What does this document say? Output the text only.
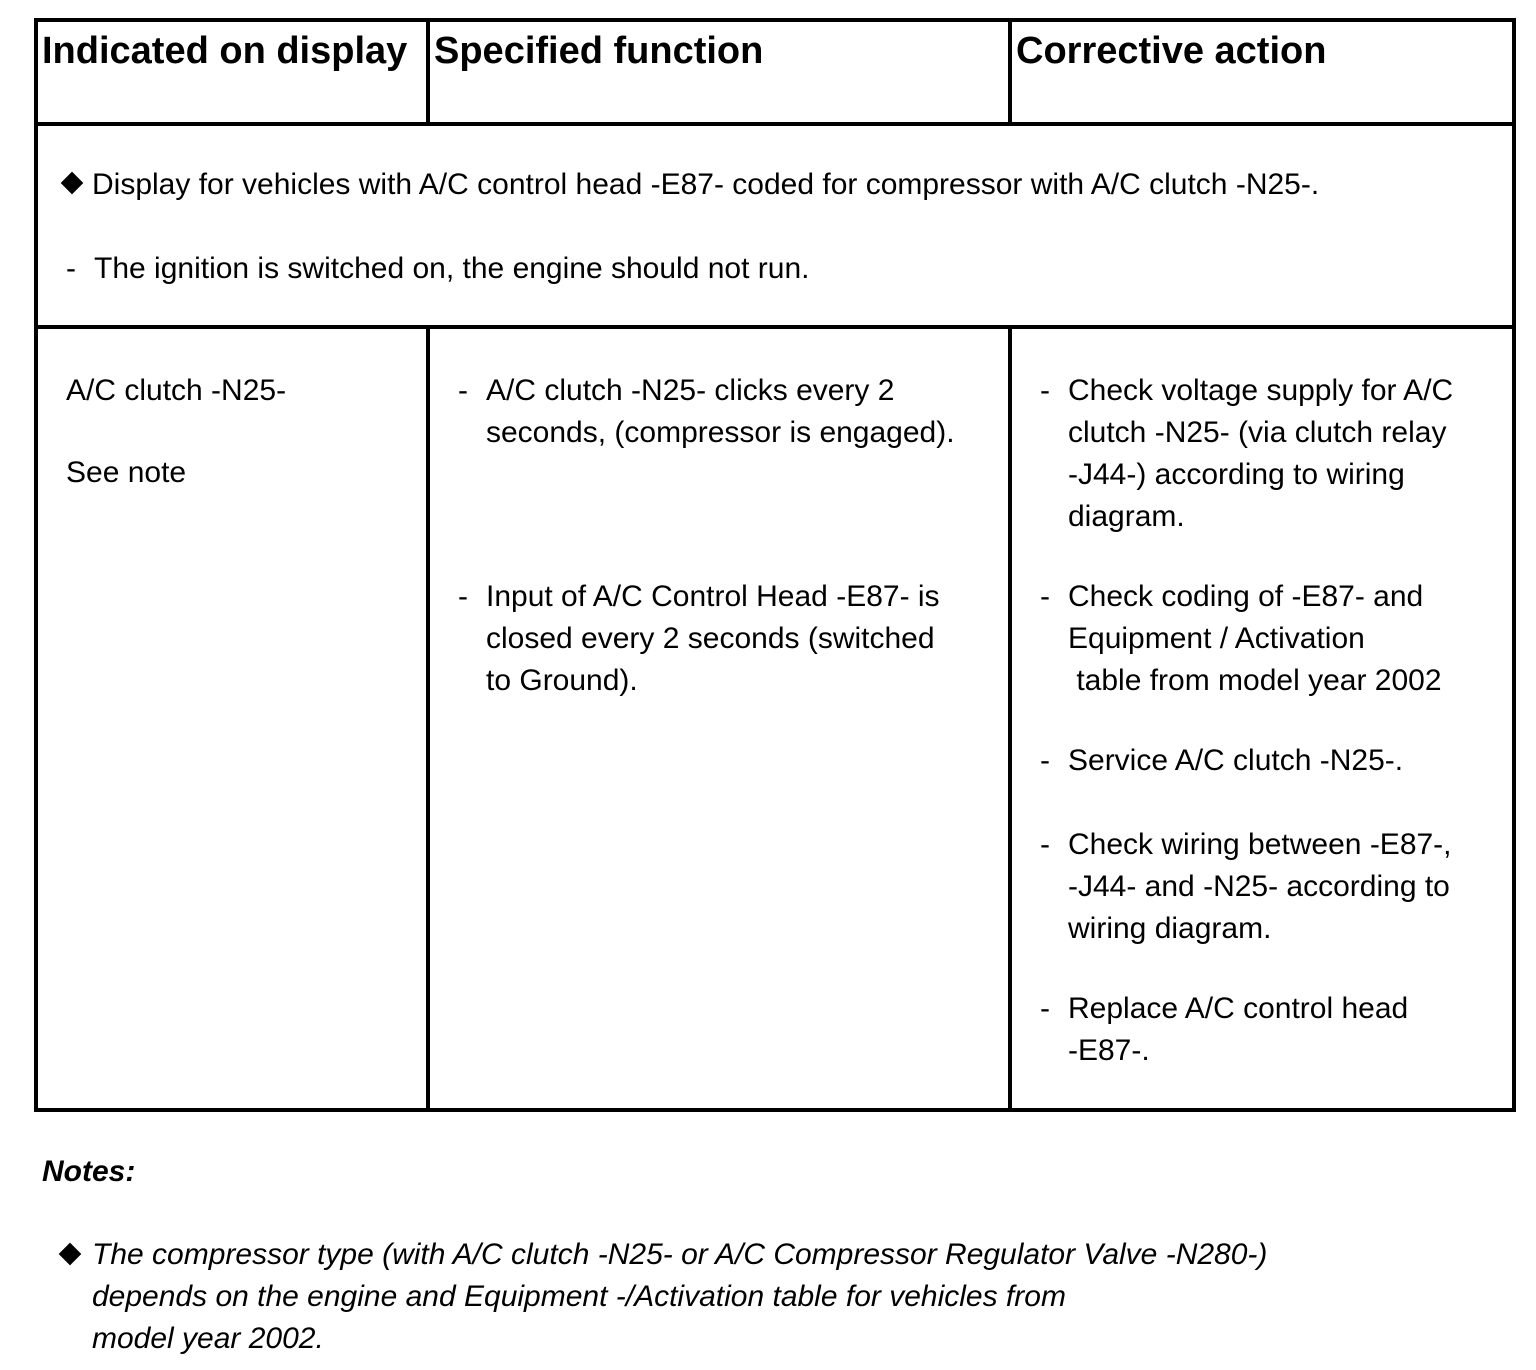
Indicated on display Specified function	Corrective action
Display for vehicles with A/C control head -E87- coded for compressor with A/C clutch -N25-.
- The ignition is switched on, the engine should not run.
A/C clutch -N25-
See note
- A/C clutch -N25- clicks every 2
seconds, (compressor is engaged).
- Input of A/C Control Head -E87- is
closed every 2 seconds (switched
to Ground).
- Check voltage supply for A/C
clutch -N25- (via clutch relay
-J44-) according to wiring
diagram.
- Check coding of -E87- and
Equipment / Activation
table from model year 2002
- Service A/C clutch -N25-.
- Check wiring between -E87-,
-J44- and -N25- according to
wiring diagram.
- Replace A/C control head
-E87-.
Notes:
The compressor type (with A/C clutch -N25- or A/C Compressor Regulator Valve -N280-)
depends on the engine and Equipment -/Activation table for vehicles from
model year 2002.
